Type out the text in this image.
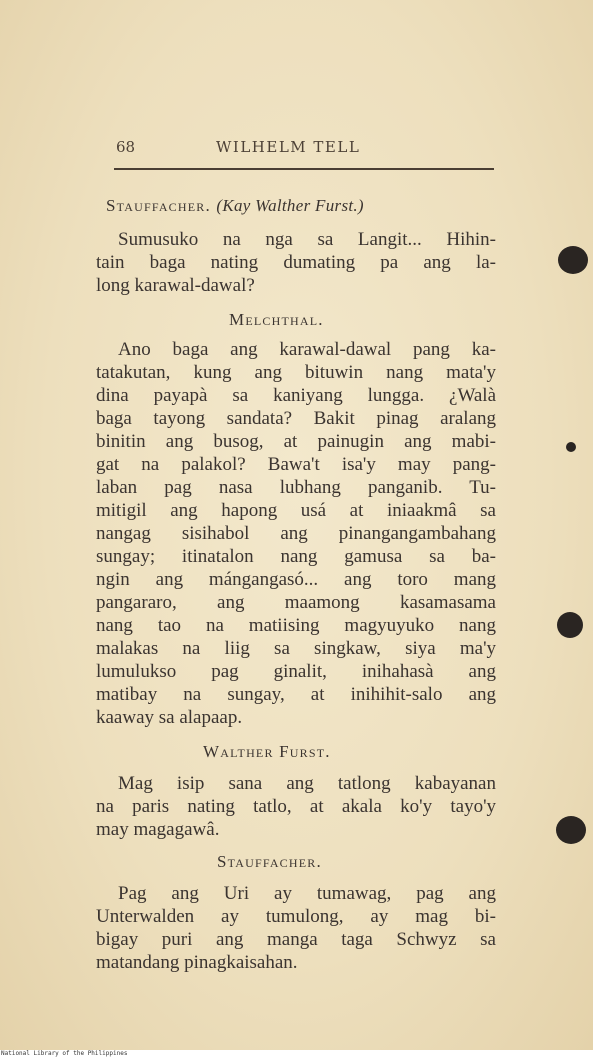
68	WILHELM TELL
Stauffacher. (Kay Walther Furst.)
Sumusuko na nga sa Langit... Hihin-
tain baga nating dumating pa ang la-
long karawal-dawal?
Melchthal.
Ano baga ang karawal-dawal pang ka-
tatakutan, kung ang bituwin nang mata'y
dina payapà sa kaniyang lungga. ¿Walà
baga tayong sandata? Bakit pinag aralang
binitin ang busog, at painugin ang mabi-
gat na palakol? Bawa't isa'y may pang-
laban pag nasa lubhang panganib. Tu-
mitigil ang hapong usá at iniaakmâ sa
nangag sisihabol ang pinangangambahang
sungay; itinatalon nang gamusa sa ba-
ngin ang mángangasó... ang toro mang
pangararo, ang maamong kasamasama
nang tao na matiising magyuyuko nang
malakas na liig sa singkaw, siya ma'y
lumulukso pag ginalit, inihahasà ang
matibay na sungay, at inihihit-salo ang
kaaway sa alapaap.
Walther Furst.
Mag isip sana ang tatlong kabayanan
na paris nating tatlo, at akala ko'y tayo'y
may magagawâ.
Stauffacher.
Pag ang Uri ay tumawag, pag ang
Unterwalden ay tumulong, ay mag bi-
bigay puri ang manga taga Schwyz sa
matandang pinagkaisahan.
National Library of the Philippines
